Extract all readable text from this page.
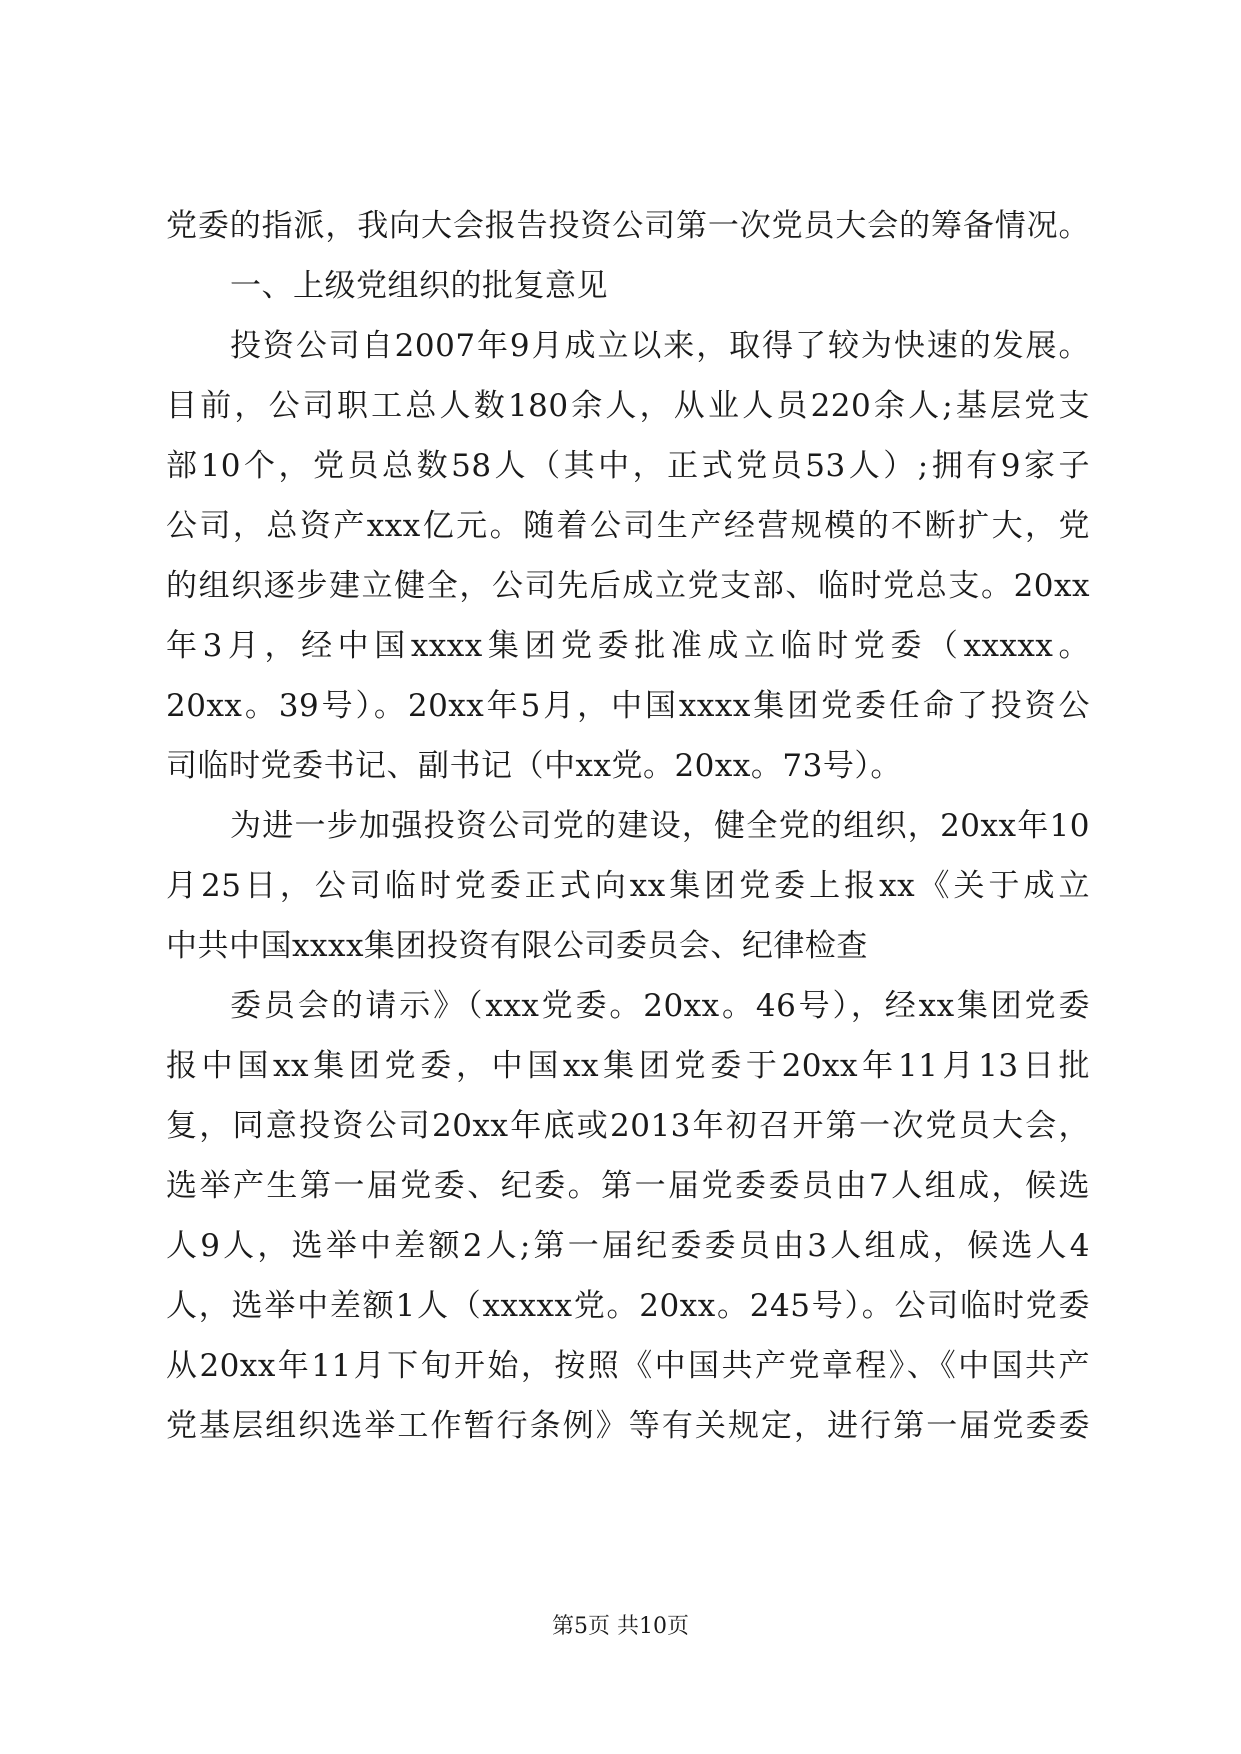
党委的指派，我向大会报告投资公司第一次党员大会的筹备情况。
一、上级党组织的批复意见
投资公司自2007年9月成立以来，取得了较为快速的发展。
目前，公司职工总人数180余人，从业人员220余人;基层党支
部10个，党员总数58人（其中，正式党员53人）;拥有9家子
公司，总资产xxx亿元。随着公司生产经营规模的不断扩大，党
的组织逐步建立健全，公司先后成立党支部、临时党总支。20xx
年3月，经中国xxxx集团党委批准成立临时党委（xxxxx。
20xx。39号）。20xx年5月，中国xxxx集团党委任命了投资公
司临时党委书记、副书记（中xx党。20xx。73号）。
为进一步加强投资公司党的建设，健全党的组织，20xx年10
月25日，公司临时党委正式向xx集团党委上报xx《关于成立
中共中国xxxx集团投资有限公司委员会、纪律检查
委员会的请示》（xxx党委。20xx。46号），经xx集团党委
报中国xx集团党委，中国xx集团党委于20xx年11月13日批
复，同意投资公司20xx年底或2013年初召开第一次党员大会，
选举产生第一届党委、纪委。第一届党委委员由7人组成，候选
人9人，选举中差额2人;第一届纪委委员由3人组成，候选人4
人，选举中差额1人（xxxxx党。20xx。245号）。公司临时党委
从20xx年11月下旬开始，按照《中国共产党章程》、《中国共产
党基层组织选举工作暂行条例》等有关规定，进行第一届党委委
第5页 共10页
